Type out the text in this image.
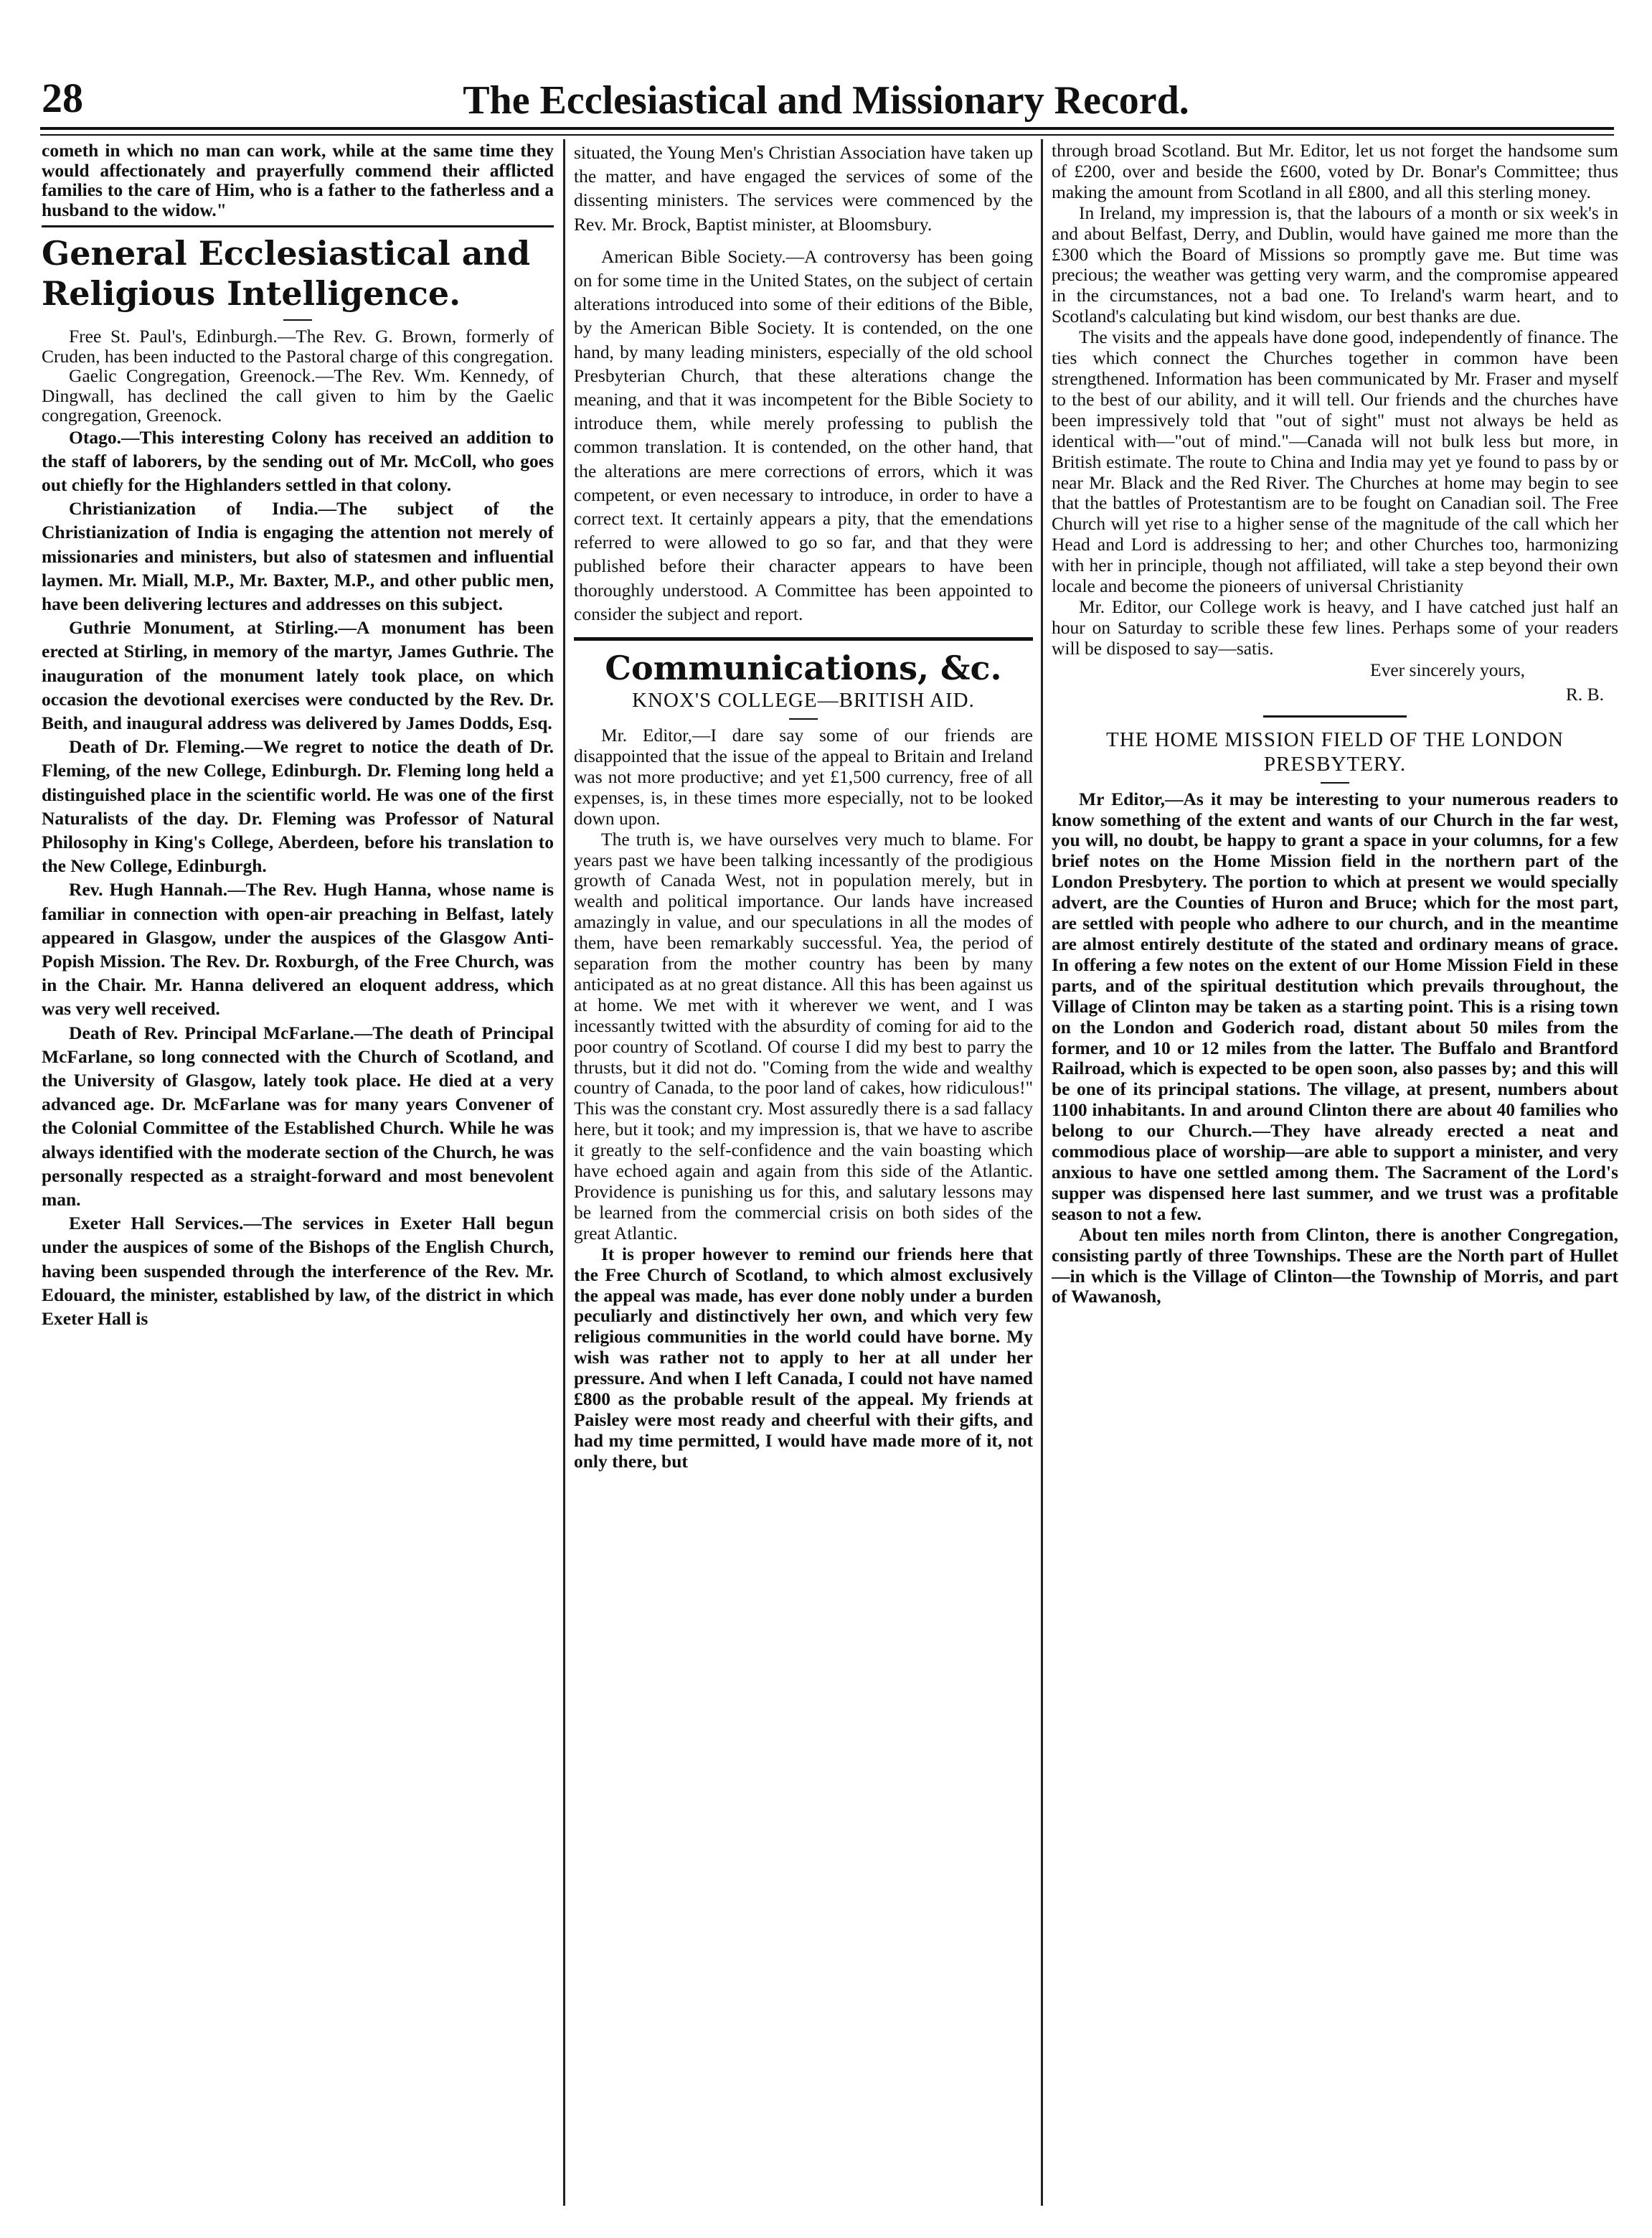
28	The Ecclesiastical and Missionary Record.

cometh in which no man can work, while at the same time they would affectionately and prayerfully commend their afflicted families to the care of Him, who is a father to the fatherless and a husband to the widow."

General Ecclesiastical and Religious Intelligence.

Free St. Paul's, Edinburgh.—The Rev. G. Brown, formerly of Cruden, has been inducted to the Pastoral charge of this congregation.

Gaelic Congregation, Greenock.—The Rev. Wm. Kennedy, of Dingwall, has declined the call given to him by the Gaelic congregation, Greenock.

Otago.—This interesting Colony has received an addition to the staff of laborers, by the sending out of Mr. McColl, who goes out chiefly for the Highlanders settled in that colony.

Christianization of India.—The subject of the Christianization of India is engaging the attention not merely of missionaries and ministers, but also of statesmen and influential laymen. Mr. Miall, M.P., Mr. Baxter, M.P., and other public men, have been delivering lectures and addresses on this subject.

Guthrie Monument, at Stirling.—A monument has been erected at Stirling, in memory of the martyr, James Guthrie. The inauguration of the monument lately took place, on which occasion the devotional exercises were conducted by the Rev. Dr. Beith, and inaugural address was delivered by James Dodds, Esq.

Death of Dr. Fleming.—We regret to notice the death of Dr. Fleming, of the new College, Edinburgh. Dr. Fleming long held a distinguished place in the scientific world. He was one of the first Naturalists of the day. Dr. Fleming was Professor of Natural Philosophy in King's College, Aberdeen, before his translation to the New College, Edinburgh.

Rev. Hugh Hannah.—The Rev. Hugh Hanna, whose name is familiar in connection with open-air preaching in Belfast, lately appeared in Glasgow, under the auspices of the Glasgow Anti-Popish Mission. The Rev. Dr. Roxburgh, of the Free Church, was in the Chair. Mr. Hanna delivered an eloquent address, which was very well received.

Death of Rev. Principal McFarlane.—The death of Principal McFarlane, so long connected with the Church of Scotland, and the University of Glasgow, lately took place. He died at a very advanced age. Dr. McFarlane was for many years Convener of the Colonial Committee of the Established Church. While he was always identified with the moderate section of the Church, he was personally respected as a straight-forward and most benevolent man.

Exeter Hall Services.—The services in Exeter Hall begun under the auspices of some of the Bishops of the English Church, having been suspended through the interference of the Rev. Mr. Edouard, the minister, established by law, of the district in which Exeter Hall is

situated, the Young Men's Christian Association have taken up the matter, and have engaged the services of some of the dissenting ministers. The services were commenced by the Rev. Mr. Brock, Baptist minister, at Bloomsbury.

American Bible Society.—A controversy has been going on for some time in the United States, on the subject of certain alterations introduced into some of their editions of the Bible, by the American Bible Society. It is contended, on the one hand, by many leading ministers, especially of the old school Presbyterian Church, that these alterations change the meaning, and that it was incompetent for the Bible Society to introduce them, while merely professing to publish the common translation. It is contended, on the other hand, that the alterations are mere corrections of errors, which it was competent, or even necessary to introduce, in order to have a correct text. It certainly appears a pity, that the emendations referred to were allowed to go so far, and that they were published before their character appears to have been thoroughly understood. A Committee has been appointed to consider the subject and report.

Communications, &c.

KNOX'S COLLEGE—BRITISH AID.

Mr. Editor,—I dare say some of our friends are disappointed that the issue of the appeal to Britain and Ireland was not more productive; and yet £1,500 currency, free of all expenses, is, in these times more especially, not to be looked down upon.

The truth is, we have ourselves very much to blame. For years past we have been talking incessantly of the prodigious growth of Canada West, not in population merely, but in wealth and political importance. Our lands have increased amazingly in value, and our speculations in all the modes of them, have been remarkably successful. Yea, the period of separation from the mother country has been by many anticipated as at no great distance. All this has been against us at home. We met with it wherever we went, and I was incessantly twitted with the absurdity of coming for aid to the poor country of Scotland. Of course I did my best to parry the thrusts, but it did not do. "Coming from the wide and wealthy country of Canada, to the poor land of cakes, how ridiculous!" This was the constant cry. Most assuredly there is a sad fallacy here, but it took; and my impression is, that we have to ascribe it greatly to the self-confidence and the vain boasting which have echoed again and again from this side of the Atlantic. Providence is punishing us for this, and salutary lessons may be learned from the commercial crisis on both sides of the great Atlantic.

It is proper however to remind our friends here that the Free Church of Scotland, to which almost exclusively the appeal was made, has ever done nobly under a burden peculiarly and distinctively her own, and which very few religious communities in the world could have borne. My wish was rather not to apply to her at all under her pressure. And when I left Canada, I could not have named £800 as the probable result of the appeal. My friends at Paisley were most ready and cheerful with their gifts, and had my time permitted, I would have made more of it, not only there, but

through broad Scotland. But Mr. Editor, let us not forget the handsome sum of £200, over and beside the £600, voted by Dr. Bonar's Committee; thus making the amount from Scotland in all £800, and all this sterling money.

In Ireland, my impression is, that the labours of a month or six week's in and about Belfast, Derry, and Dublin, would have gained me more than the £300 which the Board of Missions so promptly gave me. But time was precious; the weather was getting very warm, and the compromise appeared in the circumstances, not a bad one. To Ireland's warm heart, and to Scotland's calculating but kind wisdom, our best thanks are due.

The visits and the appeals have done good, independently of finance. The ties which connect the Churches together in common have been strengthened. Information has been communicated by Mr. Fraser and myself to the best of our ability, and it will tell. Our friends and the churches have been impressively told that "out of sight" must not always be held as identical with—"out of mind."—Canada will not bulk less but more, in British estimate. The route to China and India may yet ye found to pass by or near Mr. Black and the Red River. The Churches at home may begin to see that the battles of Protestantism are to be fought on Canadian soil. The Free Church will yet rise to a higher sense of the magnitude of the call which her Head and Lord is addressing to her; and other Churches too, harmonizing with her in principle, though not affiliated, will take a step beyond their own locale and become the pioneers of universal Christianity

Mr. Editor, our College work is heavy, and I have catched just half an hour on Saturday to scrible these few lines. Perhaps some of your readers will be disposed to say—satis.

Ever sincerely yours,

R. B.

THE HOME MISSION FIELD OF THE LONDON PRESBYTERY.

Mr Editor,—As it may be interesting to your numerous readers to know something of the extent and wants of our Church in the far west, you will, no doubt, be happy to grant a space in your columns, for a few brief notes on the Home Mission field in the northern part of the London Presbytery. The portion to which at present we would specially advert, are the Counties of Huron and Bruce; which for the most part, are settled with people who adhere to our church, and in the meantime are almost entirely destitute of the stated and ordinary means of grace. In offering a few notes on the extent of our Home Mission Field in these parts, and of the spiritual destitution which prevails throughout, the Village of Clinton may be taken as a starting point. This is a rising town on the London and Goderich road, distant about 50 miles from the former, and 10 or 12 miles from the latter. The Buffalo and Brantford Railroad, which is expected to be open soon, also passes by; and this will be one of its principal stations. The village, at present, numbers about 1100 inhabitants. In and around Clinton there are about 40 families who belong to our Church.—They have already erected a neat and commodious place of worship—are able to support a minister, and very anxious to have one settled among them. The Sacrament of the Lord's supper was dispensed here last summer, and we trust was a profitable season to not a few.

About ten miles north from Clinton, there is another Congregation, consisting partly of three Townships. These are the North part of Hullet—in which is the Village of Clinton—the Township of Morris, and part of Wawanosh,
